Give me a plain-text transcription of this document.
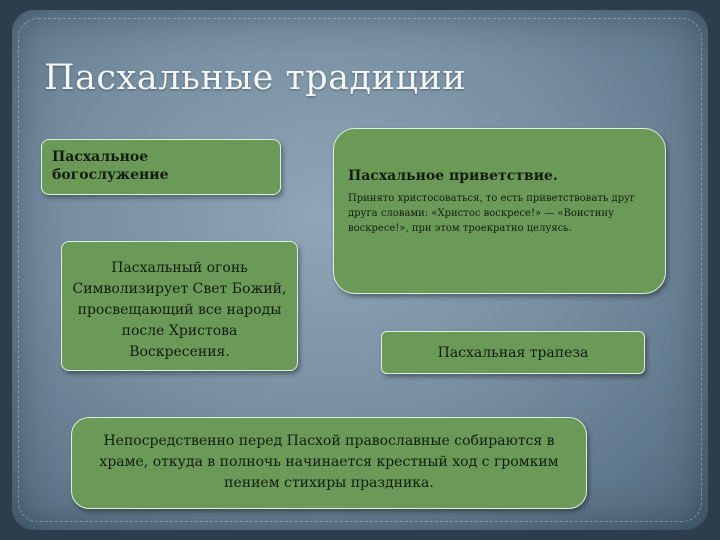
Пасхальные традиции
Пасхальное
богослужение	Пасхальное приветствие.
Принято христосоваться, то есть приветствовать друг друга словами: «Христос воскресе!» — «Воистину воскресе!», при этом троекратно целуясь.
Пасхальный огонь Символизирует Свет Божий, просвещающий все народы после Христова Воскресения.	Пасхальная трапеза
Непосредственно перед Пасхой православные собираются в храме, откуда в полночь начинается крестный ход с громким пением стихиры праздника.
